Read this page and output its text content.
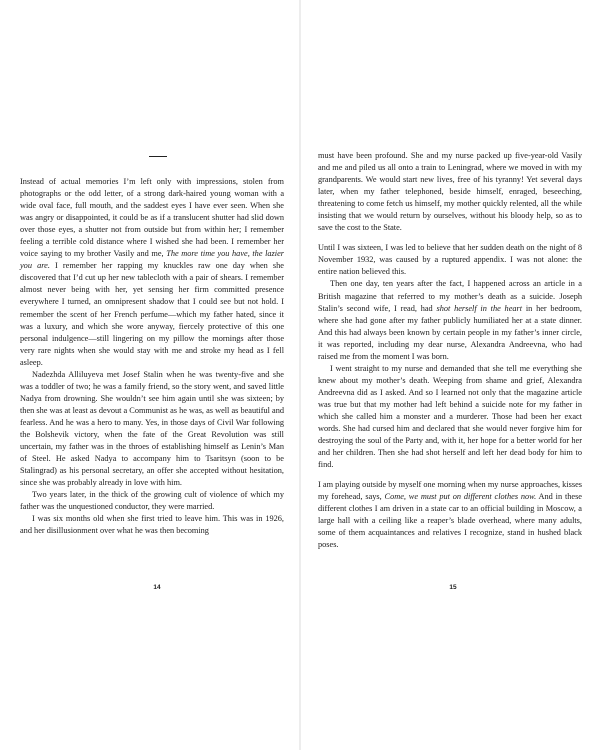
Instead of actual memories I’m left only with impressions, stolen from photographs or the odd letter, of a strong dark-haired young woman with a wide oval face, full mouth, and the saddest eyes I have ever seen. When she was angry or disappointed, it could be as if a translucent shutter had slid down over those eyes, a shutter not from outside but from within her; I remember feeling a terrible cold distance where I wished she had been. I remember her voice saying to my brother Vasily and me, The more time you have, the lazier you are. I remember her rapping my knuckles raw one day when she discovered that I’d cut up her new tablecloth with a pair of shears. I remember almost never being with her, yet sensing her firm committed presence everywhere I turned, an omnipresent shadow that I could see but not hold. I remember the scent of her French perfume—which my father hated, since it was a luxury, and which she wore anyway, fiercely protective of this one personal indulgence—still lingering on my pillow the mornings after those very rare nights when she would stay with me and stroke my head as I fell asleep.

Nadezhda Alliluyeva met Josef Stalin when he was twenty-five and she was a toddler of two; he was a family friend, so the story went, and saved little Nadya from drowning. She wouldn’t see him again until she was sixteen; by then she was at least as devout a Communist as he was, as well as beautiful and fearless. And he was a hero to many. Yes, in those days of Civil War following the Bolshevik victory, when the fate of the Great Revolution was still uncertain, my father was in the throes of establishing himself as Lenin’s Man of Steel. He asked Nadya to accompany him to Tsaritsyn (soon to be Stalingrad) as his personal secretary, an offer she accepted without hesitation, since she was probably already in love with him.

Two years later, in the thick of the growing cult of violence of which my father was the unquestioned conductor, they were married.

I was six months old when she first tried to leave him. This was in 1926, and her disillusionment over what he was then becoming

14

must have been profound. She and my nurse packed up five-year-old Vasily and me and piled us all onto a train to Leningrad, where we moved in with my grandparents. We would start new lives, free of his tyranny! Yet several days later, when my father telephoned, beside himself, enraged, beseeching, threatening to come fetch us himself, my mother quickly relented, all the while insisting that we would return by ourselves, without his bloody help, so as to save the cost to the State.

Until I was sixteen, I was led to believe that her sudden death on the night of 8 November 1932, was caused by a ruptured appendix. I was not alone: the entire nation believed this.

Then one day, ten years after the fact, I happened across an article in a British magazine that referred to my mother’s death as a suicide. Joseph Stalin’s second wife, I read, had shot herself in the heart in her bedroom, where she had gone after my father publicly humiliated her at a state dinner. And this had always been known by certain people in my father’s inner circle, it was reported, including my dear nurse, Alexandra Andreevna, who had raised me from the moment I was born.

I went straight to my nurse and demanded that she tell me everything she knew about my mother’s death. Weeping from shame and grief, Alexandra Andreevna did as I asked. And so I learned not only that the magazine article was true but that my mother had left behind a suicide note for my father in which she called him a monster and a murderer. Those had been her exact words. She had cursed him and declared that she would never forgive him for destroying the soul of the Party and, with it, her hope for a better world for her and her children. Then she had shot herself and left her dead body for him to find.

I am playing outside by myself one morning when my nurse approaches, kisses my forehead, says, Come, we must put on different clothes now. And in these different clothes I am driven in a state car to an official building in Moscow, a large hall with a ceiling like a reaper’s blade overhead, where many adults, some of them acquaintances and relatives I recognize, stand in hushed black poses.

15
